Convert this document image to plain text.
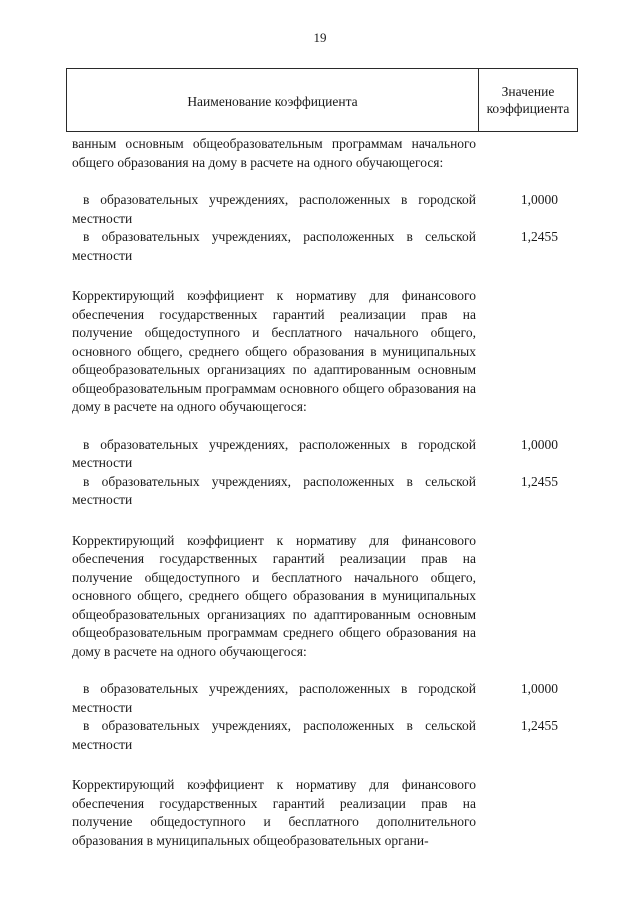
19
Наименование коэффициента
Значение коэффициента
ванным основным общеобразовательным программам начального общего образования на дому в расчете на одного обучающегося:
в образовательных учреждениях, расположенных в городской местности
1,0000
в образовательных учреждениях, расположенных в сельской местности
1,2455
Корректирующий коэффициент к нормативу для финансового обеспечения государственных гарантий реализации прав на получение общедоступного и бесплатного начального общего, основного общего, среднего общего образования в муниципальных общеобразовательных организациях по адаптированным основным общеобразовательным программам основного общего образования на дому в расчете на одного обучающегося:
в образовательных учреждениях, расположенных в городской местности
1,0000
в образовательных учреждениях, расположенных в сельской местности
1,2455
Корректирующий коэффициент к нормативу для финансового обеспечения государственных гарантий реализации прав на получение общедоступного и бесплатного начального общего, основного общего, среднего общего образования в муниципальных общеобразовательных организациях по адаптированным основным общеобразовательным программам среднего общего образования на дому в расчете на одного обучающегося:
в образовательных учреждениях, расположенных в городской местности
1,0000
в образовательных учреждениях, расположенных в сельской местности
1,2455
Корректирующий коэффициент к нормативу для финансового обеспечения государственных гарантий реализации прав на получение общедоступного и бесплатного дополнительного образования в муниципальных общеобразовательных органи-
